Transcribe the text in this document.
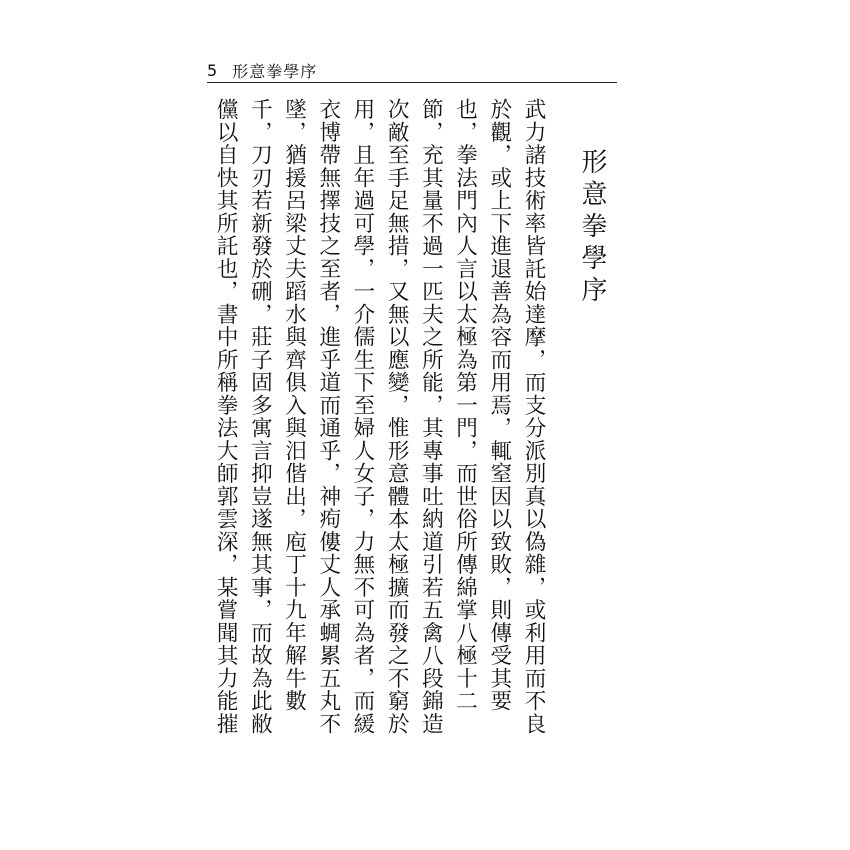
5 形意拳學序
形意拳學序
武力諸技術率皆託始達摩，而支分派別真以偽雜，或利用而不良
於觀，或上下進退善為容而用焉，輒窒因以致敗，則傳受其要
也，拳法門內人言以太極為第一門，而世俗所傳綿掌八極十二
節，充其量不過一匹夫之所能，其專事吐納道引若五禽八段錦造
次敵至手足無措，又無以應變，惟形意體本太極擴而發之不窮於
用，且年過可學，一介儒生下至婦人女子，力無不可為者，而緩
衣博帶無擇技之至者，進乎道而通乎，神痀僂丈人承蜩累五丸不
墜，猶援呂梁丈夫蹈水與齊俱入與汨偕出，庖丁十九年解牛數
千，刀刃若新發於硎，莊子固多寓言抑豈遂無其事，而故為此敝
儻以自快其所託也，書中所稱拳法大師郭雲深，某嘗聞其力能摧
